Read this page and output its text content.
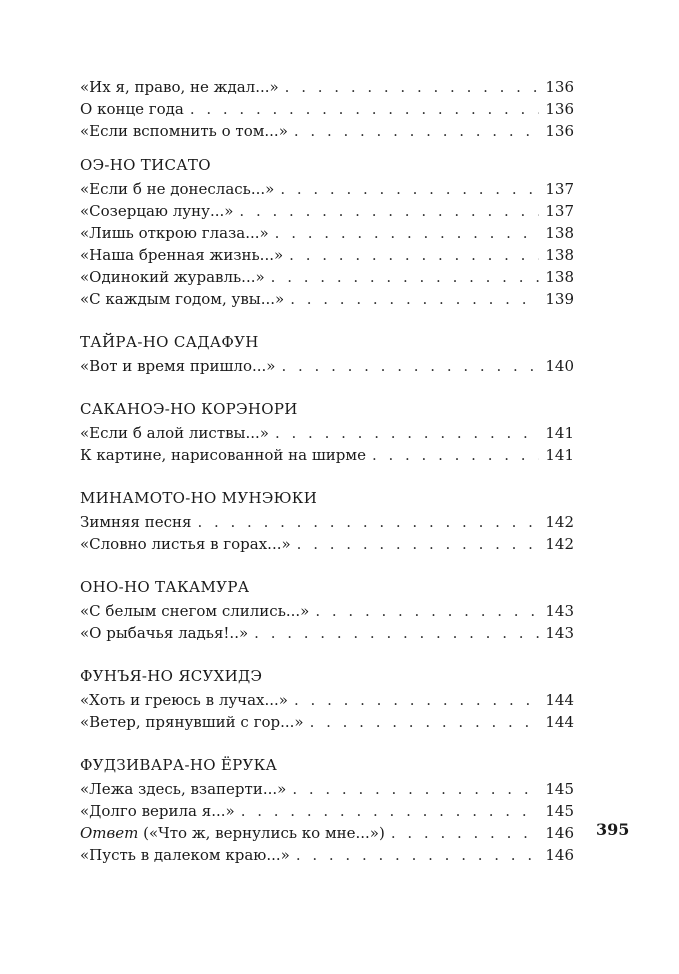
«Их я, право, не ждал...» . . .	136
О конце года . . .	136
«Если вспомнить о том...» . . .	136
ОЭ-НО ТИСАТО
«Если б не донеслась...» . . .	137
«Созерцаю луну...» . . .	137
«Лишь открою глаза...» . . .	138
«Наша бренная жизнь...» . . .	138
«Одинокий журавль...» . . .	138
«С каждым годом, увы...» . . .	139
ТАЙРА-НО САДАФУН
«Вот и время пришло...» . . .	140
САКАНОЭ-НО КОРЭНОРИ
«Если б алой листвы...» . . .	141
К картине, нарисованной на ширме . . .	141
МИНАМОТО-НО МУНЭЮКИ
Зимняя песня . . .	142
«Словно листья в горах...» . . .	142
ОНО-НО ТАКАМУРА
«С белым снегом слились...» . . .	143
«О рыбачья ладья!..» . . .	143
ФУНЪЯ-НО ЯСУХИДЭ
«Хоть и греюсь в лучах...» . . .	144
«Ветер, прянувший с гор...» . . .	144
ФУДЗИВАРА-НО ЁРУКА
«Лежа здесь, взаперти...» . . .	145
«Долго верила я...» . . .	145
Ответ («Что ж, вернулись ко мне...») . . .	146
«Пусть в далеком краю...» . . .	146
395
